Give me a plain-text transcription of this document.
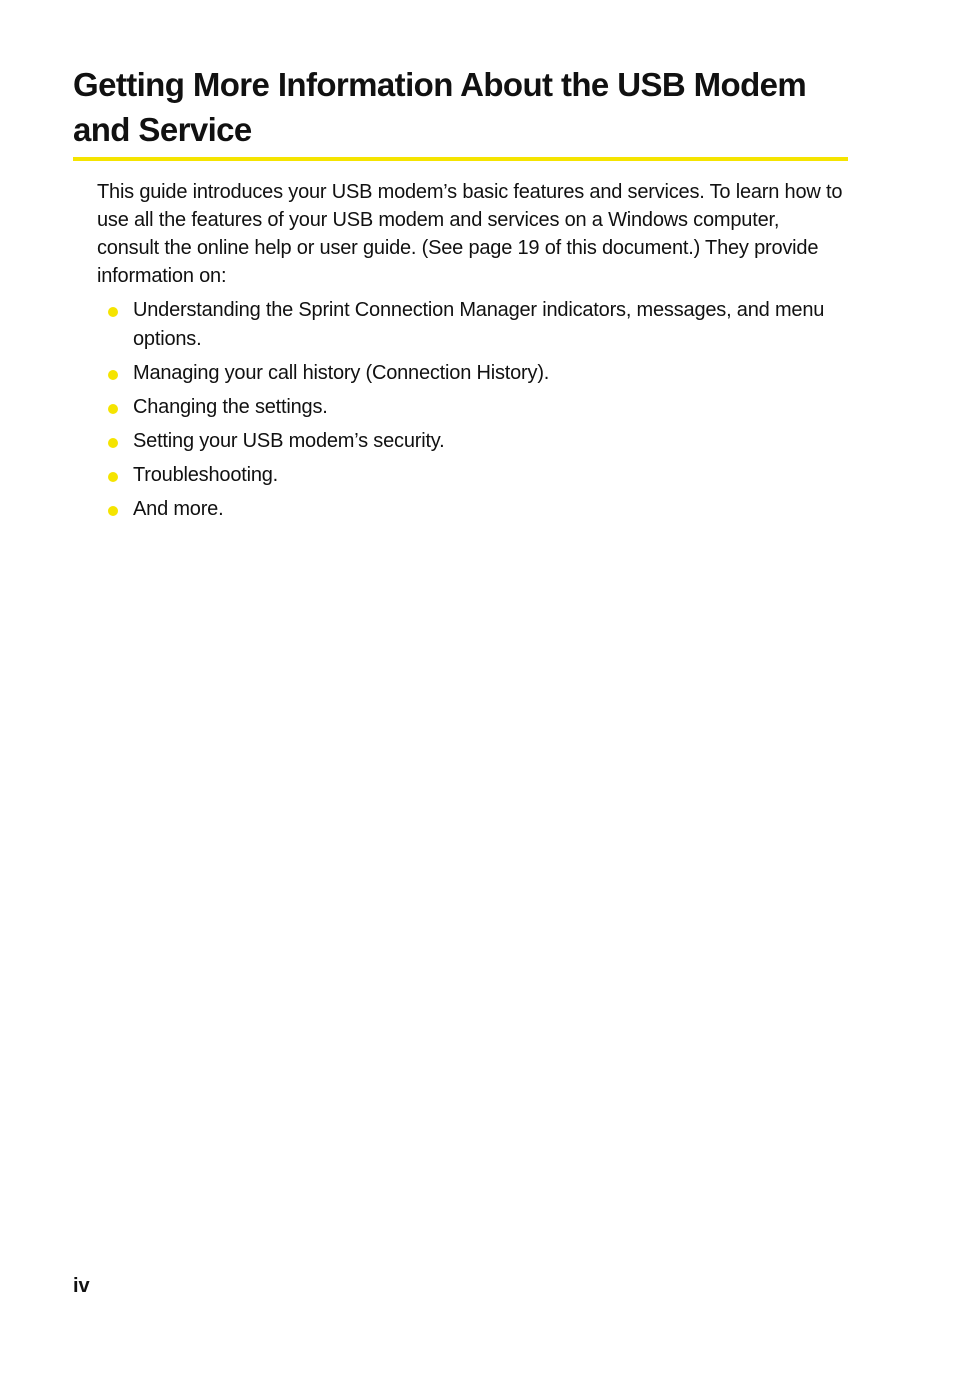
Getting More Information About the USB Modem and Service

This guide introduces your USB modem’s basic features and services. To learn how to use all the features of your USB modem and services on a Windows computer, consult the online help or user guide. (See page 19 of this document.) They provide information on:

Understanding the Sprint Connection Manager indicators, messages, and menu options.
Managing your call history (Connection History).
Changing the settings.
Setting your USB modem’s security.
Troubleshooting.
And more.
iv
